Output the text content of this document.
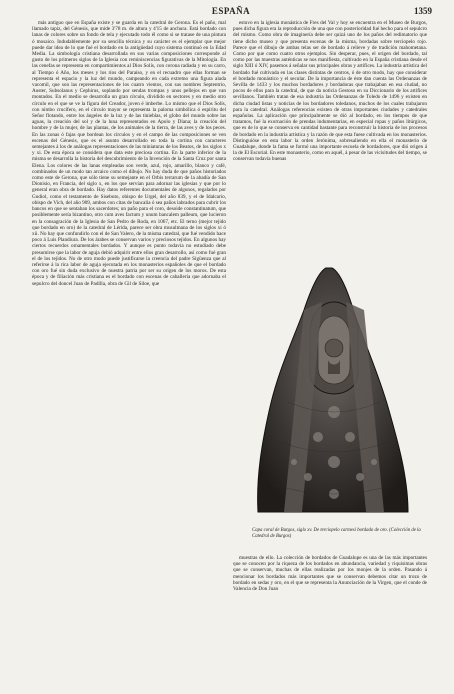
ESPAÑA	1359
más antiguo que en España existe y se guarda en la catedral de Gerona. Es el paño, mal llamado tapiz, del Génesis, que mide 3'78 m. de altura y 4'15 de anchura. Está bordado con lanas de colores sobre un fondo de tela y ejecutado todo él como si se tratase de una pintura ó mosaico. Indudablemente por su sencilla técnica y su carácter es el ejemplar que mejor puede dar idea de lo que fué el bordado en la antigüedad cuyo sistema continuó en la Edad Media. La simbología cristiana desarrollada en sus varias composiciones corresponde al gusto de los primeros siglos de la Iglesia con reminiscencias figurativas de la Mitología. En las cenefas se representa en compartimientos al Dios Solís, con corona radiada y en su carro, al Tiempo ó Año, los meses y los ríos del Paraíso, y en el recuadro que ellas forman se representa el espacio y la luz del mundo, campeando en cada extremo una figura alada vacomil, que son las representaciones de los cuatro vientos, con sus nombres Septentrio, Auster, Subsolanus y Cephirus, soplando por sendas trompas y unos pellejos en que van montados. En el medio se desarrolla un gran círculo, dividido en sectores y en medio otro círculo en el que se ve la figura del Creador, joven é imberbe. Lo mismo que el Dios Solís, con nimbo crucífero, en el círculo mayor se representa la paloma simbólica ó espíritu del Señor flotando, entre los ángeles de la luz y de las tinieblas, el globo del mundo sobre las aguas, la creación del sol y de la luna representados en Apolo y Diana; la creación del hombre y de la mujer, de las plantas, de los animales de la tierra, de las aves y de los peces. En las zonas ó fajas que bordean los círculos y en el campo de las composiciones se ven escenas del Génesis, que es el asunto desarrollado en toda la cortina con caracteres semejantes á los de análogas representaciones de las miniaturas de los Beatos, de los siglos x y xi. De esta época se considera que data este preciosa cortina. En la parte inferior de la misma se desarrolla la historia del descubrimiento de la Invención de la Santa Cruz por santa Elena. Los colores de las lanas empleadas son verde, azul, rojo, amarillo, blanco y café, combinados de un modo tan arcaico como el dibujo. No hay duda de que paños historiados como este de Gerona, que sólo tiene su semejante en el Orbis terrarum de la abadía de San Dionisio, en Francia, del siglo x, en los que servían para adornar las iglesias y que por lo general eran obra de bordado. Hay datos referentes documentales de algunos, regalados por Gudiol, como el testamento de Sisebuto, obispo de Urgel, del año 839, y el de Idalcario, obispo de Vich, del año 909, ambos con citas de bancalia ó sea paños labrados para cubrir los bancos en que se sentaban los sacerdotes; un paño para el coro, desoide constantinatum, que posiblemente sería bizantino, otro cum aves factum y unum bancalem palleum, que lucieron en la consagración de la Iglesia de San Pedro de Roda, en 1067, etc. El terno (mejor tejido que bordado en oro) de la catedral de Lérida, parece ser obra musulmana de los siglos xi ó xii. No hay que confundirlo con el de San Valero, de la misma catedral, que fué vendido hace poco á Luis Plandiura. De los árabes se conservan varios y preciosos tejidos. En algunos hay ciertos recuerdos ornamentales bordados. Y aunque es punto todavía no estudiado debe presumirse que la labor de aguja debió adquirir entre ellos gran desarrollo, así como fué gran el de los tejidos. No de otro modo puede justificarse la creencia del padre Sigüenza que al referirse á la rica labor de aguja ejecutada en los monasterios españoles de que el bordado con oro fué sin duda exclusivo de nuestra patria por ser su origen de los moros. De esta época y de filiación más cristiana es el bordado con escenas de caballería que adornaba el sepulcro del doncel Juan de Padilla, obra de Gil de Siloe, que
estuvo en la iglesia monástica de Fres del Val y hoy se encuentra en el Museo de Burgos, pues dicha figura era la reproducción de una que con posterioridad fué hecho para el sepulcro del mismo. Como obra de imaginería debe ser quizá uno de los paños del redimatorio que tiene dicho museo y que presenta escenas de la misma, bordadas sobre terciopelo rojo. Parece que el dibujo de ambas telas ser de bordado á relieve y de tradición mahometana. Como por que como cuatro otros ejemplos. Sin desperar, pues, el origen del bordado, tal como por las muestras auténticas se nos manifiesta, cultivado en la España cristiana desde el siglo XIII ó XIV, pasemos á señalar sus principales obras y artífices. La industria artística del bordado fué cultivada en las clases distintas de centros, ó de otro modo, hay que considerar el bordado monástico y el secular. De la importancia de éste dan cuenta las Ordenanzas de Sevilla de 1433 y los muchos bordadores y bordadoras que trabajaban en esa ciudad, no pocos de ellos para la catedral, de que da noticia Gestoso en su Diccionario de los artífices sevillanos. También tratan de esa industria las Ordenanzas de Toledo de 1496 y existen en dicha ciudad listas y noticias de los bordadores toledanos, muchos de los cuales trabajaron para la catedral. Análogas referencias existen de otras importantes ciudades y catedrales españolas. La aplicación que principalmente se dió al bordado, en los tiempos de que tratamos, fué la exornación de prendas indumentarias, en especial ropas y paños litúrgicos, que es de lo que se conserva en cantidad bastante para reconstruir la historia de los procesos de bordado en la industria artística y la razón de que esta fuese cultivada en los monasterios. Distinguióse en esta labor la orden Jerónima, sobresaliendo en ella el monasterio de Guadalupe, donde la fama se formó una importante escuela de bordadores, que dió origen á la de El Escorial. En este monasterio, como en aquél, á pesar de las vicisitudes del tiempo, se conservan todavía buenas
Capa coral de Burgos, siglo xv. De terciopelo carmesí bordado de oro. (Colección de la Catedral de Burgos)
muestras de ello. La colección de bordados de Guadalupe es una de las más importantes que se conocen por la riqueza de los bordados en abundancia, variedad y riquísimas obras que se conservan, muchas de ellas realizadas por los monjes de la orden. Pasando á mencionar los bordados más importantes que se conservan debemos citar un trozo de bordado en sedas y oro, en el que se representa la Anunciación de la Virgen, que el conde de Valencia de Don Juan
